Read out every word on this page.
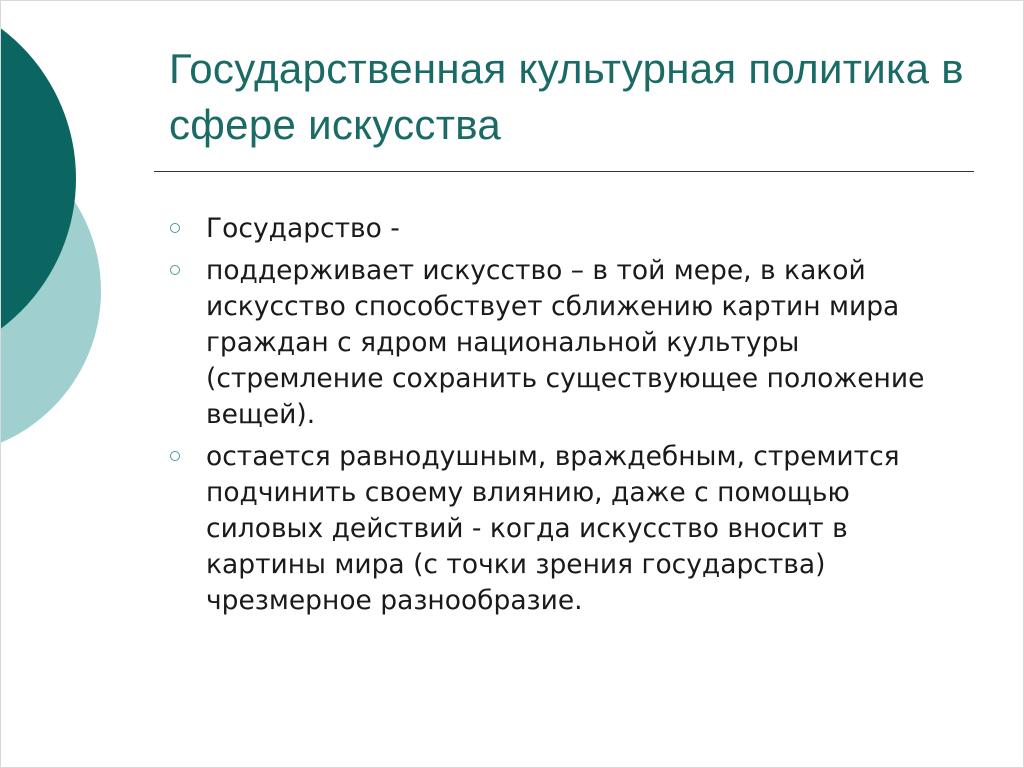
Государственная культурная политика в сфере искусства
Государство -
поддерживает искусство – в той мере, в какой искусство способствует сближению картин мира граждан с ядром национальной культуры (стремление сохранить существующее положение вещей).
остается равнодушным, враждебным, стремится подчинить своему влиянию, даже с помощью силовых действий - когда искусство вносит в картины мира (с точки зрения государства) чрезмерное разнообразие.
